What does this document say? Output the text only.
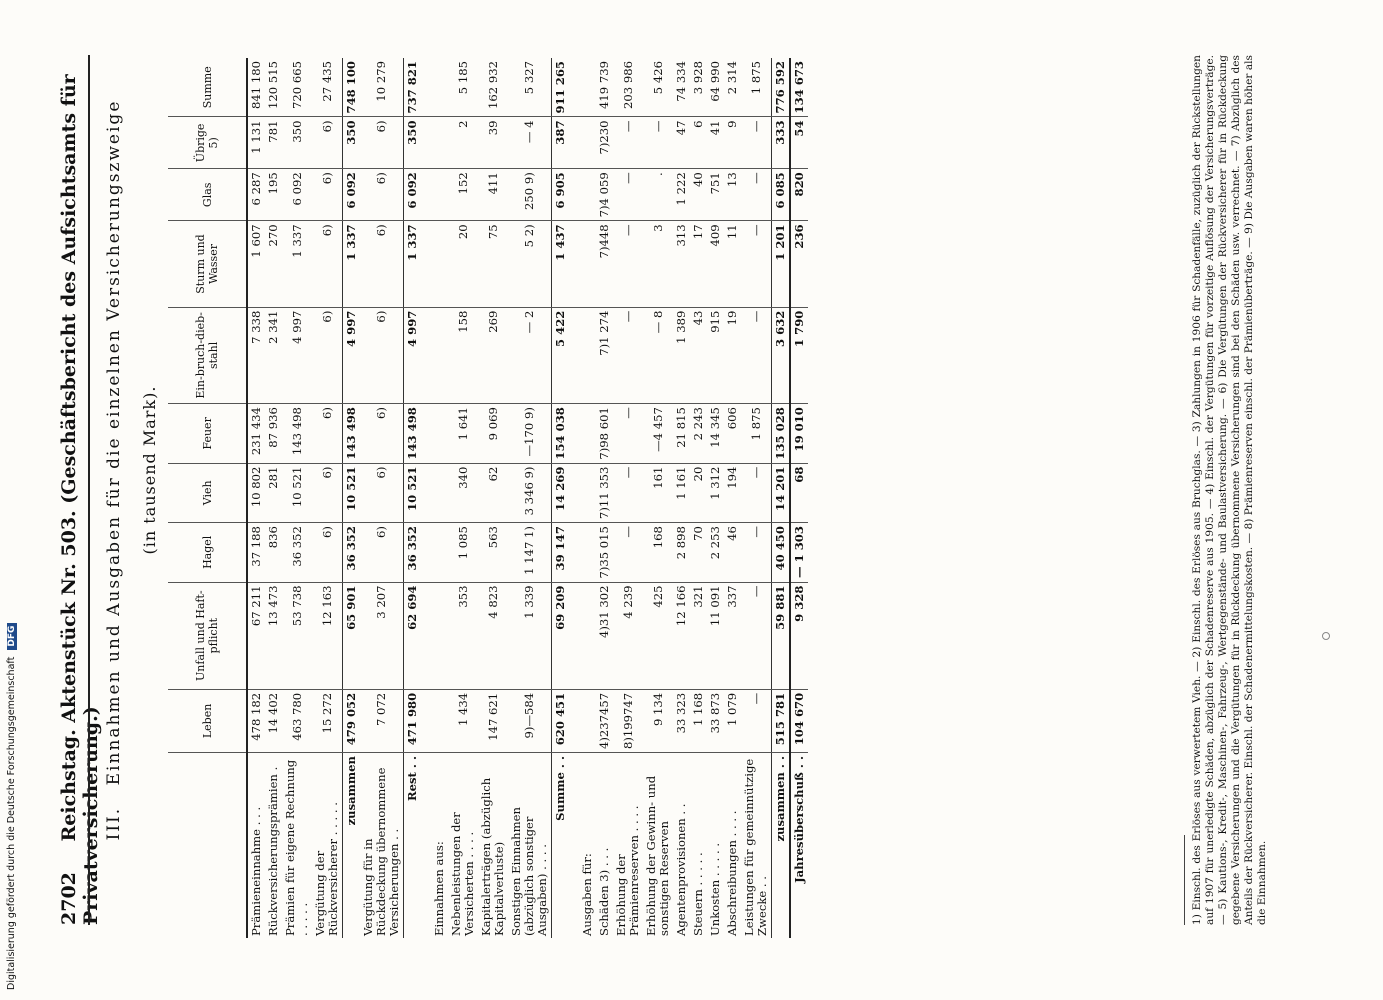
Digitalisierung gefördert durch die Deutsche Forschungsgemeinschaft DFG
2702 Reichstag. Aktenstück Nr. 503. (Geschäftsbericht des Aufsichtsamts für Privatversicherung.) III. Einnahmen und Ausgaben für die einzelnen Versicherungszweige (in tausend Mark).
	Leben	Unfall und Haft-pflicht	Hagel	Vieh	Feuer	Ein-bruch-dieb-stahl	Sturm und Wasser	Glas	Übrige 5)	Summe
Prämieneinnahme . . .	478 182	67 211	37 188	10 802	231 434	7 338	1 607	6 287	1 131	841 180
Rückversicherungsprämien .	14 402	13 473	836	281	87 936	2 341	270	195	781	120 515
Prämien für eigene Rechnung . . . . .	463 780	53 738	36 352	10 521	143 498	4 997	1 337	6 092	350	720 665
Vergütung der Rückversicherer . . . . .	15 272	12 163	6)	6)	6)	6)	6)	6)	6)	27 435
zusammen	479 052	65 901	36 352	10 521	143 498	4 997	1 337	6 092	350	748 100
Vergütung für in Rückdeckung übernommene Versicherungen . .	7 072	3 207	6)	6)	6)	6)	6)	6)	6)	10 279
Rest . .	471 980	62 694	36 352	10 521	143 498	4 997	1 337	6 092	350	737 821
Einnahmen aus:										
Nebenleistungen der Versicherten . . . .	1 434	353	1 085	340	1 641	158	20	152	2	5 185
Kapitalerträgen (abzüglich Kapitalverluste)	147 621	4 823	563	62	9 069	269	75	411	39	162 932
Sonstigen Einnahmen (abzüglich sonstiger Ausgaben) . . . .	9)—584	1 339	1 147 1)	3 346 9)	—170 9)	— 2	5 2)	250 9)	— 4	5 327
Summe . .	620 451	69 209	39 147	14 269	154 038	5 422	1 437	6 905	387	911 265
Ausgaben für:										
Schäden 3) . . .	4)237457	4)31 302	7)35 015	7)11 353	7)98 601	7)1 274	7)448	7)4 059	7)230	419 739
Erhöhung der Prämienreserven . . . .	8)199747	4 239	—	—	—	—	—	—	—	203 986
Erhöhung der Gewinn- und sonstigen Reserven	9 134	425	168	161	—4 457	— 8	3	.	—	5 426
Agentenprovisionen . .	33 323	12 166	2 898	1 161	21 815	1 389	313	1 222	47	74 334
Steuern . . . . .	1 168	321	70	20	2 243	43	17	40	6	3 928
Unkosten . . . . .	33 873	11 091	2 253	1 312	14 345	915	409	751	41	64 990
Abschreibungen . . . .	1 079	337	46	194	606	19	11	13	9	2 314
Leistungen für gemeinnützige Zwecke . .	—	—	—	—	1 875	—	—	—	—	1 875
zusammen . .	515 781	59 881	40 450	14 201	135 028	3 632	1 201	6 085	333	776 592
Jahresüberschuß . .	104 670	9 328	— 1 303	68	19 010	1 790	236	820	54	134 673	1) Einschl. des Erlöses aus verwertetem Vieh. — 2) Einschl. des Erlöses aus Bruchglas. — 3) Zahlungen in 1906 für Schadenfälle, zuzüglich der Rückstellungen auf 1907 für unerledigte Schäden, abzüglich der Schadenreserve aus 1905. — 4) Einschl. der Vergütungen für vorzeitige Auflösung der Versicherungsverträge. — 5) Kautions-, Kredit-, Maschinen-, Fahrzeug-, Wertgegenstände- und Baulastversicherung. — 6) Die Vergütungen der Rückversicherer für in Rückdeckung gegebene Versicherungen und die Vergütungen für in Rückdeckung übernommene Versicherungen sind bei den Schäden usw. verrechnet. — 7) Abzüglich des Anteils der Rückversicherer. Einschl. der Schadenermittelungskosten. — 8) Prämienreserven einschl. der Prämienüberträge. — 9) Die Ausgaben waren höher als die Einnahmen.
